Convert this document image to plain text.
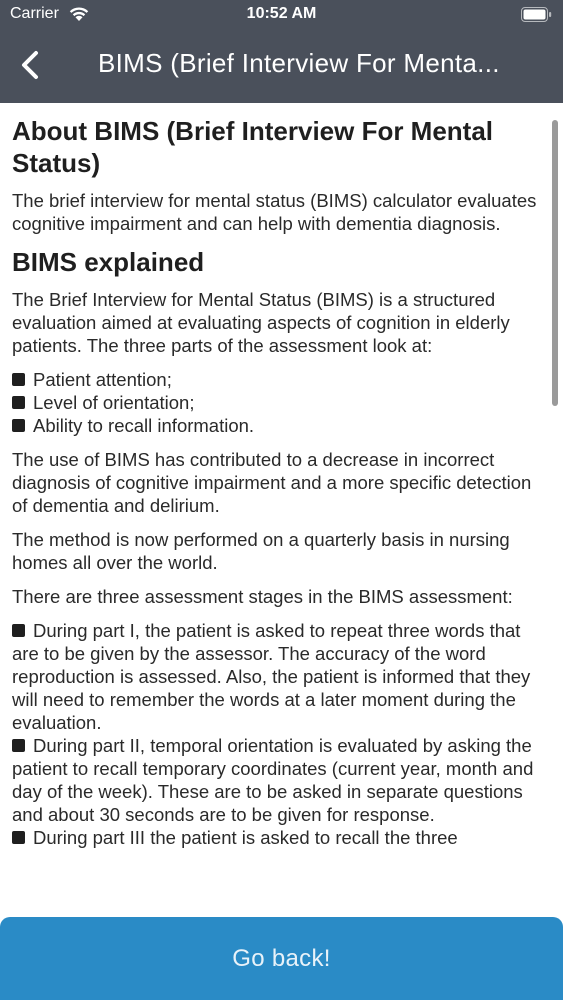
Carrier	10:52 AM
BIMS (Brief Interview For Menta...
About BIMS (Brief Interview For Mental Status)

The brief interview for mental status (BIMS) calculator evaluates cognitive impairment and can help with dementia diagnosis.

BIMS explained

The Brief Interview for Mental Status (BIMS) is a structured evaluation aimed at evaluating aspects of cognition in elderly patients. The three parts of the assessment look at:

Patient attention;
Level of orientation;
Ability to recall information.

The use of BIMS has contributed to a decrease in incorrect diagnosis of cognitive impairment and a more specific detection of dementia and delirium.

The method is now performed on a quarterly basis in nursing homes all over the world.

There are three assessment stages in the BIMS assessment:

During part I, the patient is asked to repeat three words that are to be given by the assessor. The accuracy of the word reproduction is assessed. Also, the patient is informed that they will need to remember the words at a later moment during the evaluation.
During part II, temporal orientation is evaluated by asking the patient to recall temporary coordinates (current year, month and day of the week). These are to be asked in separate questions and about 30 seconds are to be given for response.
During part III the patient is asked to recall the three
Go back!
